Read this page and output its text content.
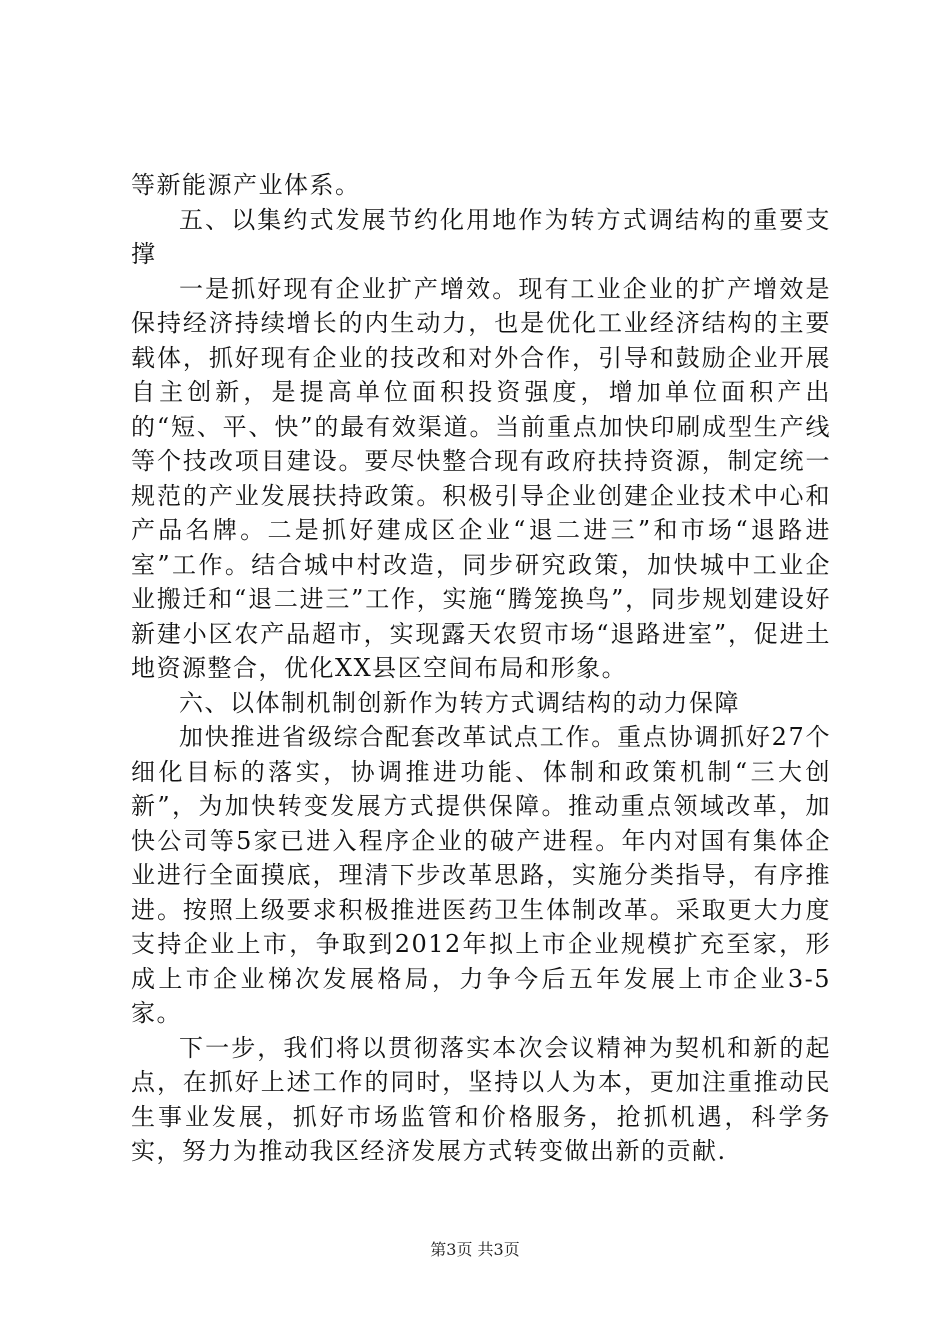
等新能源产业体系。

五、以集约式发展节约化用地作为转方式调结构的重要支撑

一是抓好现有企业扩产增效。现有工业企业的扩产增效是保持经济持续增长的内生动力，也是优化工业经济结构的主要载体，抓好现有企业的技改和对外合作，引导和鼓励企业开展自主创新，是提高单位面积投资强度，增加单位面积产出的“短、平、快”的最有效渠道。当前重点加快印刷成型生产线等个技改项目建设。要尽快整合现有政府扶持资源，制定统一规范的产业发展扶持政策。积极引导企业创建企业技术中心和产品名牌。二是抓好建成区企业“退二进三”和市场“退路进室”工作。结合城中村改造，同步研究政策，加快城中工业企业搬迁和“退二进三”工作，实施“腾笼换鸟”，同步规划建设好新建小区农产品超市，实现露天农贸市场“退路进室”，促进土地资源整合，优化XX县区空间布局和形象。

六、以体制机制创新作为转方式调结构的动力保障

加快推进省级综合配套改革试点工作。重点协调抓好27个细化目标的落实，协调推进功能、体制和政策机制“三大创新”，为加快转变发展方式提供保障。推动重点领域改革，加快公司等5家已进入程序企业的破产进程。年内对国有集体企业进行全面摸底，理清下步改革思路，实施分类指导，有序推进。按照上级要求积极推进医药卫生体制改革。采取更大力度支持企业上市，争取到2012年拟上市企业规模扩充至家，形成上市企业梯次发展格局，力争今后五年发展上市企业3-5家。

下一步，我们将以贯彻落实本次会议精神为契机和新的起点，在抓好上述工作的同时，坚持以人为本，更加注重推动民生事业发展，抓好市场监管和价格服务，抢抓机遇，科学务实，努力为推动我区经济发展方式转变做出新的贡献.

第3页 共3页
